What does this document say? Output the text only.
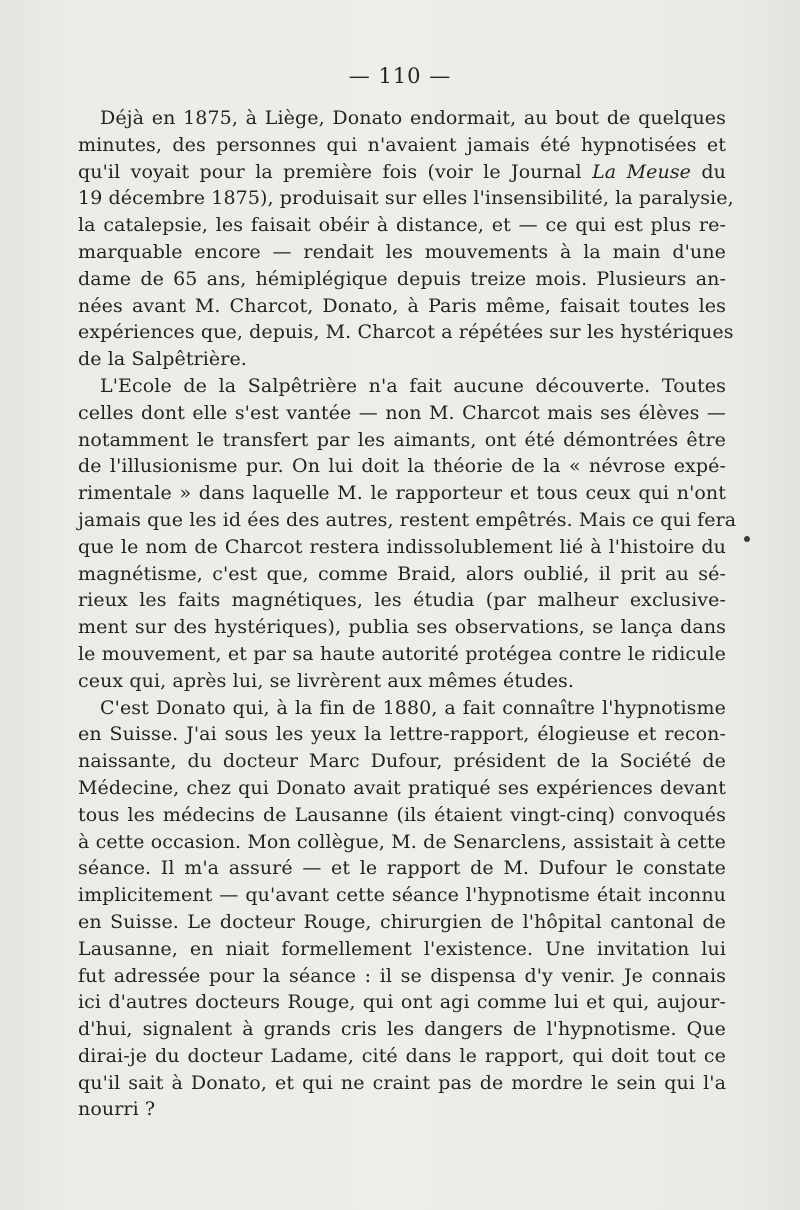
— 110 —
Déjà en 1875, à Liège, Donato endormait, au bout de quelques
minutes, des personnes qui n'avaient jamais été hypnotisées et
qu'il voyait pour la première fois (voir le Journal La Meuse du
19 décembre 1875), produisait sur elles l'insensibilité, la paralysie,
la catalepsie, les faisait obéir à distance, et — ce qui est plus re-
marquable encore — rendait les mouvements à la main d'une
dame de 65 ans, hémiplégique depuis treize mois. Plusieurs an-
nées avant M. Charcot, Donato, à Paris même, faisait toutes les
expériences que, depuis, M. Charcot a répétées sur les hystériques
de la Salpêtrière.
L'Ecole de la Salpêtrière n'a fait aucune découverte. Toutes
celles dont elle s'est vantée — non M. Charcot mais ses élèves —
notamment le transfert par les aimants, ont été démontrées être
de l'illusionisme pur. On lui doit la théorie de la « névrose expé-
rimentale » dans laquelle M. le rapporteur et tous ceux qui n'ont
jamais que les id ées des autres, restent empêtrés. Mais ce qui fera
que le nom de Charcot restera indissolublement lié à l'histoire du
magnétisme, c'est que, comme Braid, alors oublié, il prit au sé-
rieux les faits magnétiques, les étudia (par malheur exclusive-
ment sur des hystériques), publia ses observations, se lança dans
le mouvement, et par sa haute autorité protégea contre le ridicule
ceux qui, après lui, se livrèrent aux mêmes études.
C'est Donato qui, à la fin de 1880, a fait connaître l'hypnotisme
en Suisse. J'ai sous les yeux la lettre-rapport, élogieuse et recon-
naissante, du docteur Marc Dufour, président de la Société de
Médecine, chez qui Donato avait pratiqué ses expériences devant
tous les médecins de Lausanne (ils étaient vingt-cinq) convoqués
à cette occasion. Mon collègue, M. de Senarclens, assistait à cette
séance. Il m'a assuré — et le rapport de M. Dufour le constate
implicitement — qu'avant cette séance l'hypnotisme était inconnu
en Suisse. Le docteur Rouge, chirurgien de l'hôpital cantonal de
Lausanne, en niait formellement l'existence. Une invitation lui
fut adressée pour la séance : il se dispensa d'y venir. Je connais
ici d'autres docteurs Rouge, qui ont agi comme lui et qui, aujour-
d'hui, signalent à grands cris les dangers de l'hypnotisme. Que
dirai-je du docteur Ladame, cité dans le rapport, qui doit tout ce
qu'il sait à Donato, et qui ne craint pas de mordre le sein qui l'a
nourri ?
